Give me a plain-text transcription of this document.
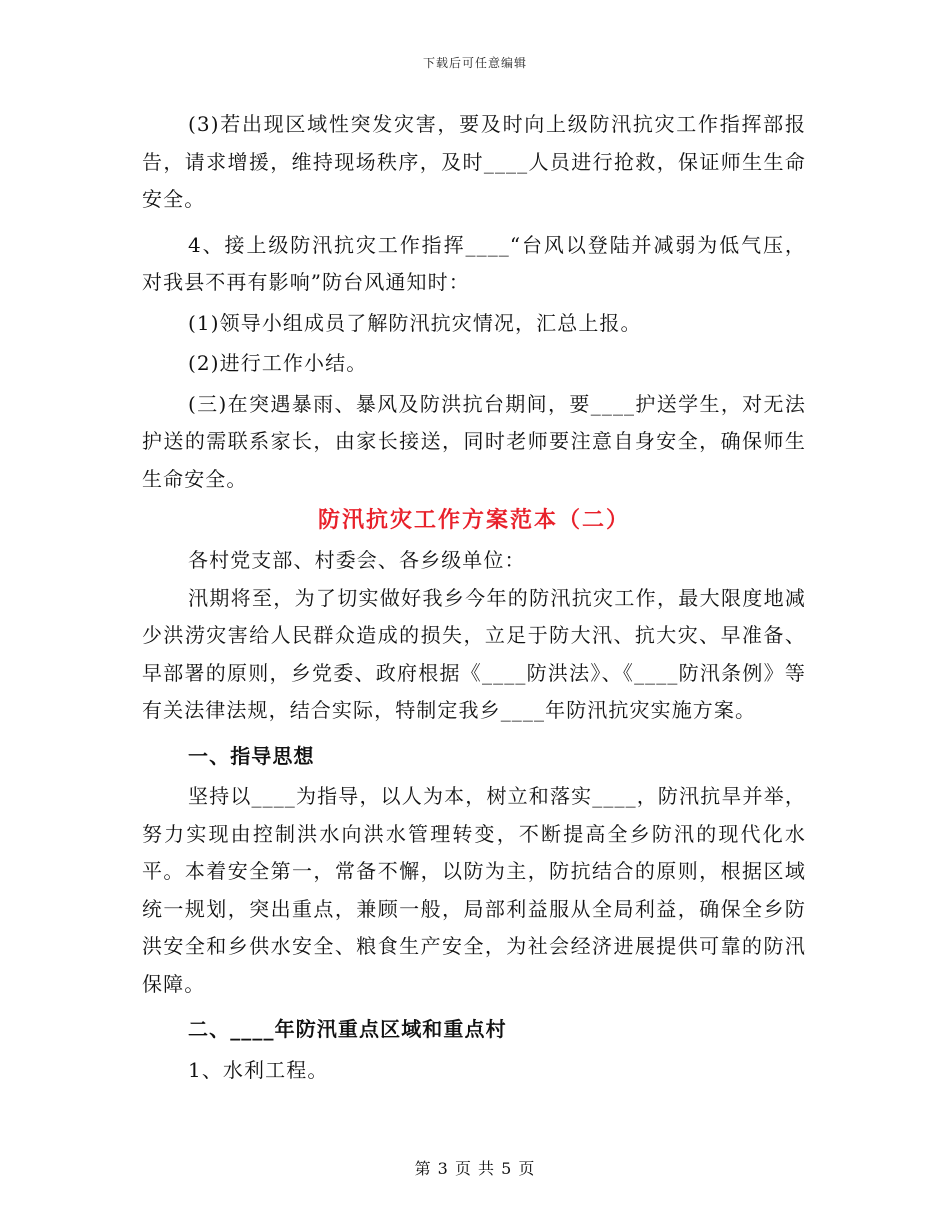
下载后可任意编辑

(3)若出现区域性突发灾害，要及时向上级防汛抗灾工作指挥部报告，请求增援，维持现场秩序，及时____人员进行抢救，保证师生生命安全。

4、接上级防汛抗灾工作指挥____“台风以登陆并减弱为低气压，对我县不再有影响”防台风通知时：

(1)领导小组成员了解防汛抗灾情况，汇总上报。

(2)进行工作小结。

(三)在突遇暴雨、暴风及防洪抗台期间，要____护送学生，对无法护送的需联系家长，由家长接送，同时老师要注意自身安全，确保师生生命安全。

防汛抗灾工作方案范本（二）

各村党支部、村委会、各乡级单位：

汛期将至，为了切实做好我乡今年的防汛抗灾工作，最大限度地减少洪涝灾害给人民群众造成的损失，立足于防大汛、抗大灾、早准备、早部署的原则，乡党委、政府根据《____防洪法》、《____防汛条例》等有关法律法规，结合实际，特制定我乡____年防汛抗灾实施方案。

一、指导思想

坚持以____为指导，以人为本，树立和落实____，防汛抗旱并举，努力实现由控制洪水向洪水管理转变，不断提高全乡防汛的现代化水平。本着安全第一，常备不懈，以防为主，防抗结合的原则，根据区域统一规划，突出重点，兼顾一般，局部利益服从全局利益，确保全乡防洪安全和乡供水安全、粮食生产安全，为社会经济进展提供可靠的防汛保障。

二、____年防汛重点区域和重点村

1、水利工程。

第 3 页 共 5 页
